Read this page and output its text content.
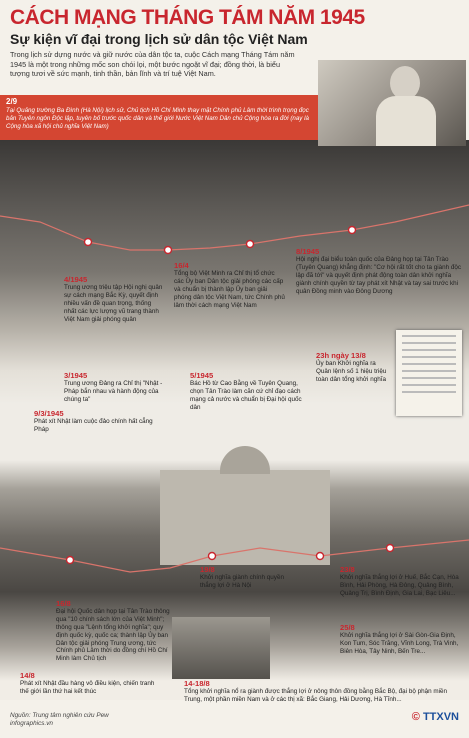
CÁCH MẠNG THÁNG TÁM NĂM 1945
Sự kiện vĩ đại trong lịch sử dân tộc Việt Nam
Trong lịch sử dựng nước và giữ nước của dân tộc ta, cuộc Cách mạng Tháng Tám năm 1945 là một trong những mốc son chói lọi, một bước ngoặt vĩ đại; đồng thời, là biểu tượng tươi về sức mạnh, tinh thần, bản lĩnh và trí tuệ Việt Nam.
2/9
Tại Quảng trường Ba Đình (Hà Nội) lịch sử, Chủ tịch Hồ Chí Minh thay mặt Chính phủ Lâm thời trình trọng đọc bản Tuyên ngôn Độc lập, tuyên bố trước quốc dân và thế giới Nước Việt Nam Dân chủ Cộng hòa ra đời (nay là Cộng hòa xã hội chủ nghĩa Việt Nam)
4/1945
Trung ương triệu tập Hội nghị quân sự cách mạng Bắc Kỳ, quyết định nhiều vấn đề quan trọng, thống nhất các lực lượng vũ trang thành Việt Nam giải phóng quân
16/4
Tổng bộ Việt Minh ra Chỉ thị tổ chức các Ủy ban Dân tộc giải phóng các cấp và chuẩn bị thành lập Ủy ban giải phóng dân tộc Việt Nam, tức Chính phủ lâm thời cách mạng Việt Nam
8/1945
Hội nghị đại biểu toàn quốc của Đảng họp tại Tân Trào (Tuyên Quang) khẳng định: "Cơ hội rất tốt cho ta giành độc lập đã tới" và quyết định phát động toàn dân khởi nghĩa giành chính quyền từ tay phát xít Nhật và tay sai trước khi quân Đồng minh vào Đông Dương
3/1945
Trung ương Đảng ra Chỉ thị "Nhật - Pháp bắn nhau và hành động của chúng ta"
5/1945
Bác Hồ từ Cao Bằng về Tuyên Quang, chọn Tân Trào làm căn cứ chỉ đạo cách mạng cả nước và chuẩn bị Đại hội quốc dân
9/3/1945
Phát xít Nhật làm cuộc đảo chính hất cẳng Pháp
23h ngày 13/8
Ủy ban Khởi nghĩa ra Quân lệnh số 1 hiệu triệu toàn dân tổng khởi nghĩa
19/8
Khởi nghĩa giành chính quyền thắng lợi ở Hà Nội
23/8
Khởi nghĩa thắng lợi ở Huế, Bắc Cạn, Hòa Bình, Hải Phòng, Hà Đông, Quảng Bình, Quảng Trị, Bình Định, Gia Lai, Bạc Liêu...
16/8
Đại hội Quốc dân họp tại Tân Trào thông qua "10 chính sách lớn của Việt Minh"; thông qua "Lệnh tổng khởi nghĩa"; quy định quốc kỳ, quốc ca; thành lập Ủy ban Dân tộc giải phóng Trung ương, tức Chính phủ Lâm thời do đồng chí Hồ Chí Minh làm Chủ tịch
25/8
Khởi nghĩa thắng lợi ở Sài Gòn-Gia Định, Kon Tum, Sóc Trăng, Vĩnh Long, Trà Vinh, Biên Hòa, Tây Ninh, Bến Tre...
14/8
Phát xít Nhật đầu hàng vô điều kiện, chiến tranh thế giới lần thứ hai kết thúc
14-18/8
Tổng khởi nghĩa nổ ra giành được thắng lợi ở nông thôn đồng bằng Bắc Bộ, đại bộ phận miền Trung, một phần miền Nam và ở các thị xã: Bắc Giang, Hải Dương, Hà Tĩnh...
Nguồn: Trung tâm nghiên cứu Pew
infographics.vn
© TTXVN
